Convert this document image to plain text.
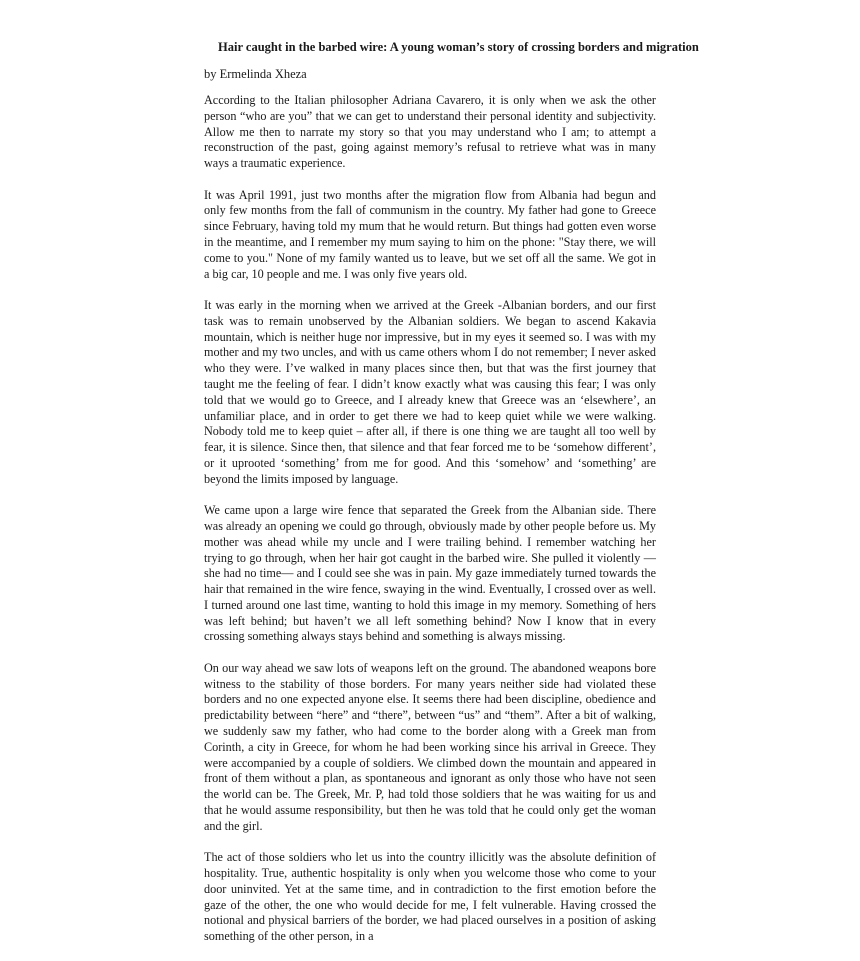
Hair caught in the barbed wire: A young woman’s story of crossing borders and migration

by Ermelinda Xheza

According to the Italian philosopher Adriana Cavarero, it is only when we ask the other person “who are you” that we can get to understand their personal identity and subjectivity. Allow me then to narrate my story so that you may understand who I am; to attempt a reconstruction of the past, going against memory’s refusal to retrieve what was in many ways a traumatic experience.

It was April 1991, just two months after the migration flow from Albania had begun and only few months from the fall of communism in the country. My father had gone to Greece since February, having told my mum that he would return. But things had gotten even worse in the meantime, and I remember my mum saying to him on the phone: "Stay there, we will come to you." None of my family wanted us to leave, but we set off all the same. We got in a big car, 10 people and me. I was only five years old.

It was early in the morning when we arrived at the Greek -Albanian borders, and our first task was to remain unobserved by the Albanian soldiers. We began to ascend Kakavia mountain, which is neither huge nor impressive, but in my eyes it seemed so. I was with my mother and my two uncles, and with us came others whom I do not remember; I never asked who they were. I’ve walked in many places since then, but that was the first journey that taught me the feeling of fear. I didn’t know exactly what was causing this fear; I was only told that we would go to Greece, and I already knew that Greece was an ‘elsewhere’, an unfamiliar place, and in order to get there we had to keep quiet while we were walking. Nobody told me to keep quiet – after all, if there is one thing we are taught all too well by fear, it is silence. Since then, that silence and that fear forced me to be ‘somehow different’, or it uprooted ‘something’ from me for good. And this ‘somehow’ and ‘something’ are beyond the limits imposed by language.

We came upon a large wire fence that separated the Greek from the Albanian side. There was already an opening we could go through, obviously made by other people before us. My mother was ahead while my uncle and I were trailing behind. I remember watching her trying to go through, when her hair got caught in the barbed wire. She pulled it violently —she had no time— and I could see she was in pain. My gaze immediately turned towards the hair that remained in the wire fence, swaying in the wind. Eventually, I crossed over as well. I turned around one last time, wanting to hold this image in my memory. Something of hers was left behind; but haven’t we all left something behind? Now I know that in every crossing something always stays behind and something is always missing.

On our way ahead we saw lots of weapons left on the ground. The abandoned weapons bore witness to the stability of those borders. For many years neither side had violated these borders and no one expected anyone else. It seems there had been discipline, obedience and predictability between “here” and “there”, between “us” and “them”. After a bit of walking, we suddenly saw my father, who had come to the border along with a Greek man from Corinth, a city in Greece, for whom he had been working since his arrival in Greece. They were accompanied by a couple of soldiers. We climbed down the mountain and appeared in front of them without a plan, as spontaneous and ignorant as only those who have not seen the world can be. The Greek, Mr. P, had told those soldiers that he was waiting for us and that he would assume responsibility, but then he was told that he could only get the woman and the girl.

The act of those soldiers who let us into the country illicitly was the absolute definition of hospitality. True, authentic hospitality is only when you welcome those who come to your door uninvited. Yet at the same time, and in contradiction to the first emotion before the gaze of the other, the one who would decide for me, I felt vulnerable. Having crossed the notional and physical barriers of the border, we had placed ourselves in a position of asking something of the other person, in a
